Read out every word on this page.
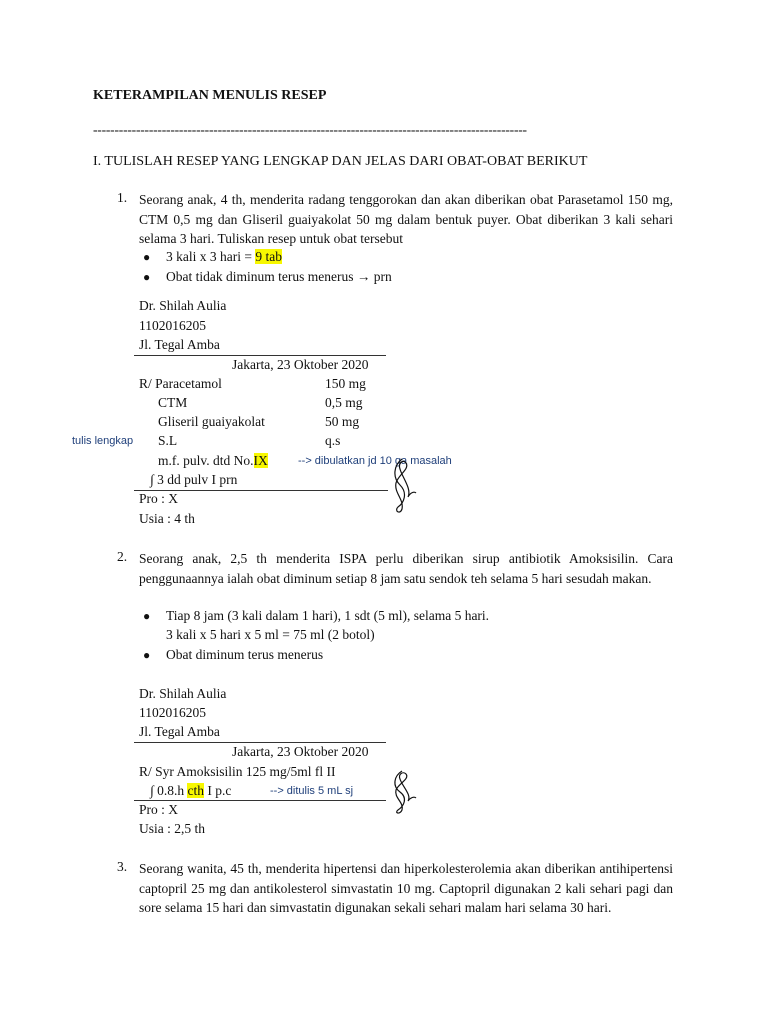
KETERAMPILAN MENULIS RESEP
-----------------------------------------------------------------------------------------------------
I. TULISLAH RESEP YANG LENGKAP DAN JELAS DARI OBAT-OBAT BERIKUT
1. Seorang anak, 4 th, menderita radang tenggorokan dan akan diberikan obat Parasetamol 150 mg, CTM 0,5 mg dan Gliseril guaiyakolat 50 mg dalam bentuk puyer. Obat diberikan 3 kali sehari selama 3 hari. Tuliskan resep untuk obat tersebut
● 3 kali x 3 hari = 9 tab
● Obat tidak diminum terus menerus → prn
Dr. Shilah Aulia
1102016205
Jl. Tegal Amba
Jakarta, 23 Oktober 2020
R/ Paracetamol	150 mg
CTM	0,5 mg
Gliseril guaiyakolat	50 mg
tulis lengkap S.L	q.s
m.f. pulv. dtd No.IX	--> dibulatkan jd 10 ga masalah
∫ 3 dd pulv I prn
Pro : X
Usia : 4 th
2. Seorang anak, 2,5 th menderita ISPA perlu diberikan sirup antibiotik Amoksisilin. Cara penggunaannya ialah obat diminum setiap 8 jam satu sendok teh selama 5 hari sesudah makan.
● Tiap 8 jam (3 kali dalam 1 hari), 1 sdt (5 ml), selama 5 hari.
3 kali x 5 hari x 5 ml = 75 ml (2 botol)
● Obat diminum terus menerus
Dr. Shilah Aulia
1102016205
Jl. Tegal Amba
Jakarta, 23 Oktober 2020
R/ Syr Amoksisilin 125 mg/5ml fl II
∫ 0.8.h cth I p.c	--> ditulis 5 mL sj
Pro : X
Usia : 2,5 th
3. Seorang wanita, 45 th, menderita hipertensi dan hiperkolesterolemia akan diberikan antihipertensi captopril 25 mg dan antikolesterol simvastatin 10 mg. Captopril digunakan 2 kali sehari pagi dan sore selama 15 hari dan simvastatin digunakan sekali sehari malam hari selama 30 hari.
